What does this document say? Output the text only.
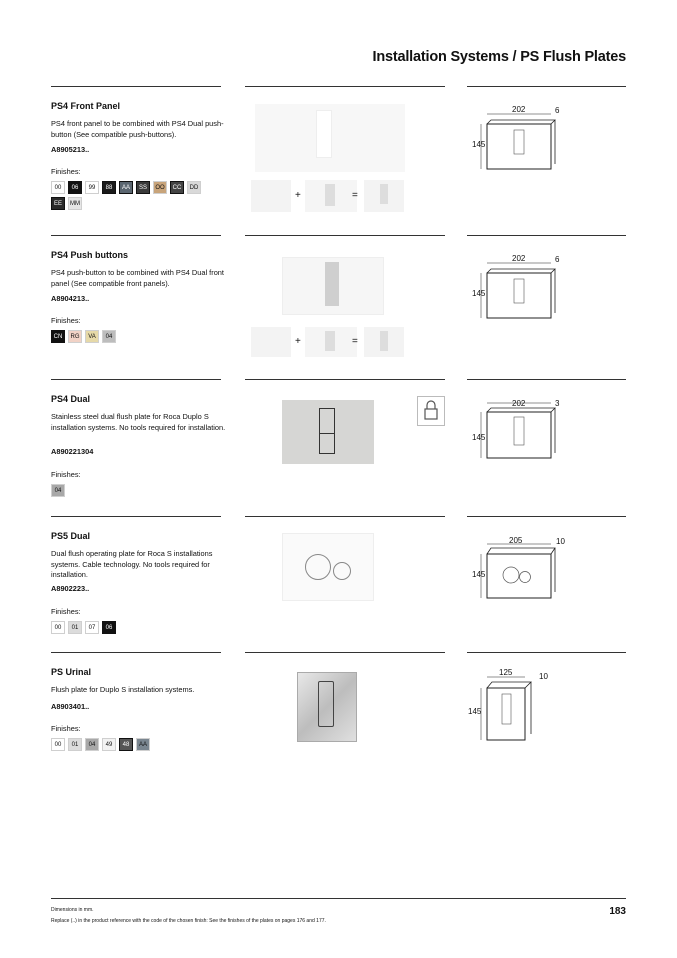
Installation Systems / PS Flush Plates
PS4 Front Panel
PS4 front panel to be combined with PS4 Dual push-button (See compatible push-buttons).
A8905213..
Finishes:
00	06	99	88	AA	SS	OO	CC	DD
EE	MM
+	=
202	6
145
PS4 Push buttons
PS4 push-button to be combined with PS4 Dual front panel (See compatible front panels).
A8904213..
Finishes:
CN	RG	VA	04	+	=
202	6
145
PS4 Dual
Stainless steel dual flush plate for Roca Duplo S installation systems. No tools required for installation.
A890221304
Finishes:
04
202	3
145
PS5 Dual
Dual flush operating plate for Roca S installations systems. Cable technology. No tools required for installation.
A8902223..
Finishes:
00	01	07	06
205	10
145
PS Urinal
Flush plate for Duplo S installation systems.
A8903401..
Finishes:
00	01	04	49	48	AA
125	10
145
Dimensions in mm.
Replace (..) in the product reference with the code of the chosen finish: See the finishes of the plates on pages 176 and 177.
183
